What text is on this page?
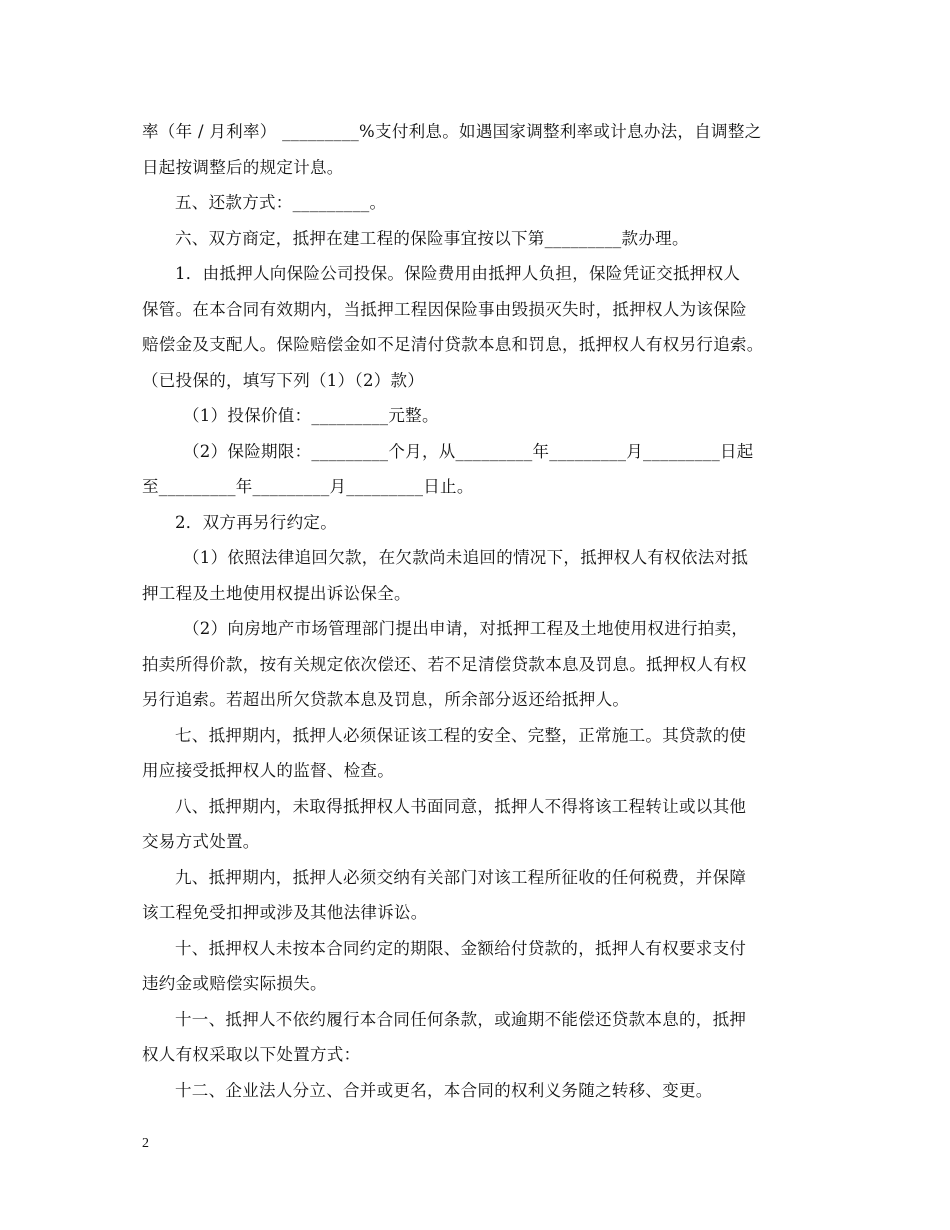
率（年 / 月利率） _________%支付利息。如遇国家调整利率或计息办法，自调整之

日起按调整后的规定计息。

五、还款方式：_________。

六、双方商定，抵押在建工程的保险事宜按以下第_________款办理。

1．由抵押人向保险公司投保。保险费用由抵押人负担，保险凭证交抵押权人

保管。在本合同有效期内，当抵押工程因保险事由毁损灭失时，抵押权人为该保险

赔偿金及支配人。保险赔偿金如不足清付贷款本息和罚息，抵押权人有权另行追索。

（已投保的，填写下列（1）（2）款）

（1）投保价值：_________元整。

（2）保险期限：_________个月，从_________年_________月_________日起

至_________年_________月_________日止。

2．双方再另行约定。

（1）依照法律追回欠款，在欠款尚未追回的情况下，抵押权人有权依法对抵

押工程及土地使用权提出诉讼保全。

（2）向房地产市场管理部门提出申请，对抵押工程及土地使用权进行拍卖，

拍卖所得价款，按有关规定依次偿还、若不足清偿贷款本息及罚息。抵押权人有权

另行追索。若超出所欠贷款本息及罚息，所余部分返还给抵押人。

七、抵押期内，抵押人必须保证该工程的安全、完整，正常施工。其贷款的使

用应接受抵押权人的监督、检查。

八、抵押期内，未取得抵押权人书面同意，抵押人不得将该工程转让或以其他

交易方式处置。

九、抵押期内，抵押人必须交纳有关部门对该工程所征收的任何税费，并保障

该工程免受扣押或涉及其他法律诉讼。

十、抵押权人未按本合同约定的期限、金额给付贷款的，抵押人有权要求支付

违约金或赔偿实际损失。

十一、抵押人不依约履行本合同任何条款，或逾期不能偿还贷款本息的，抵押

权人有权采取以下处置方式：

十二、企业法人分立、合并或更名，本合同的权利义务随之转移、变更。

2
